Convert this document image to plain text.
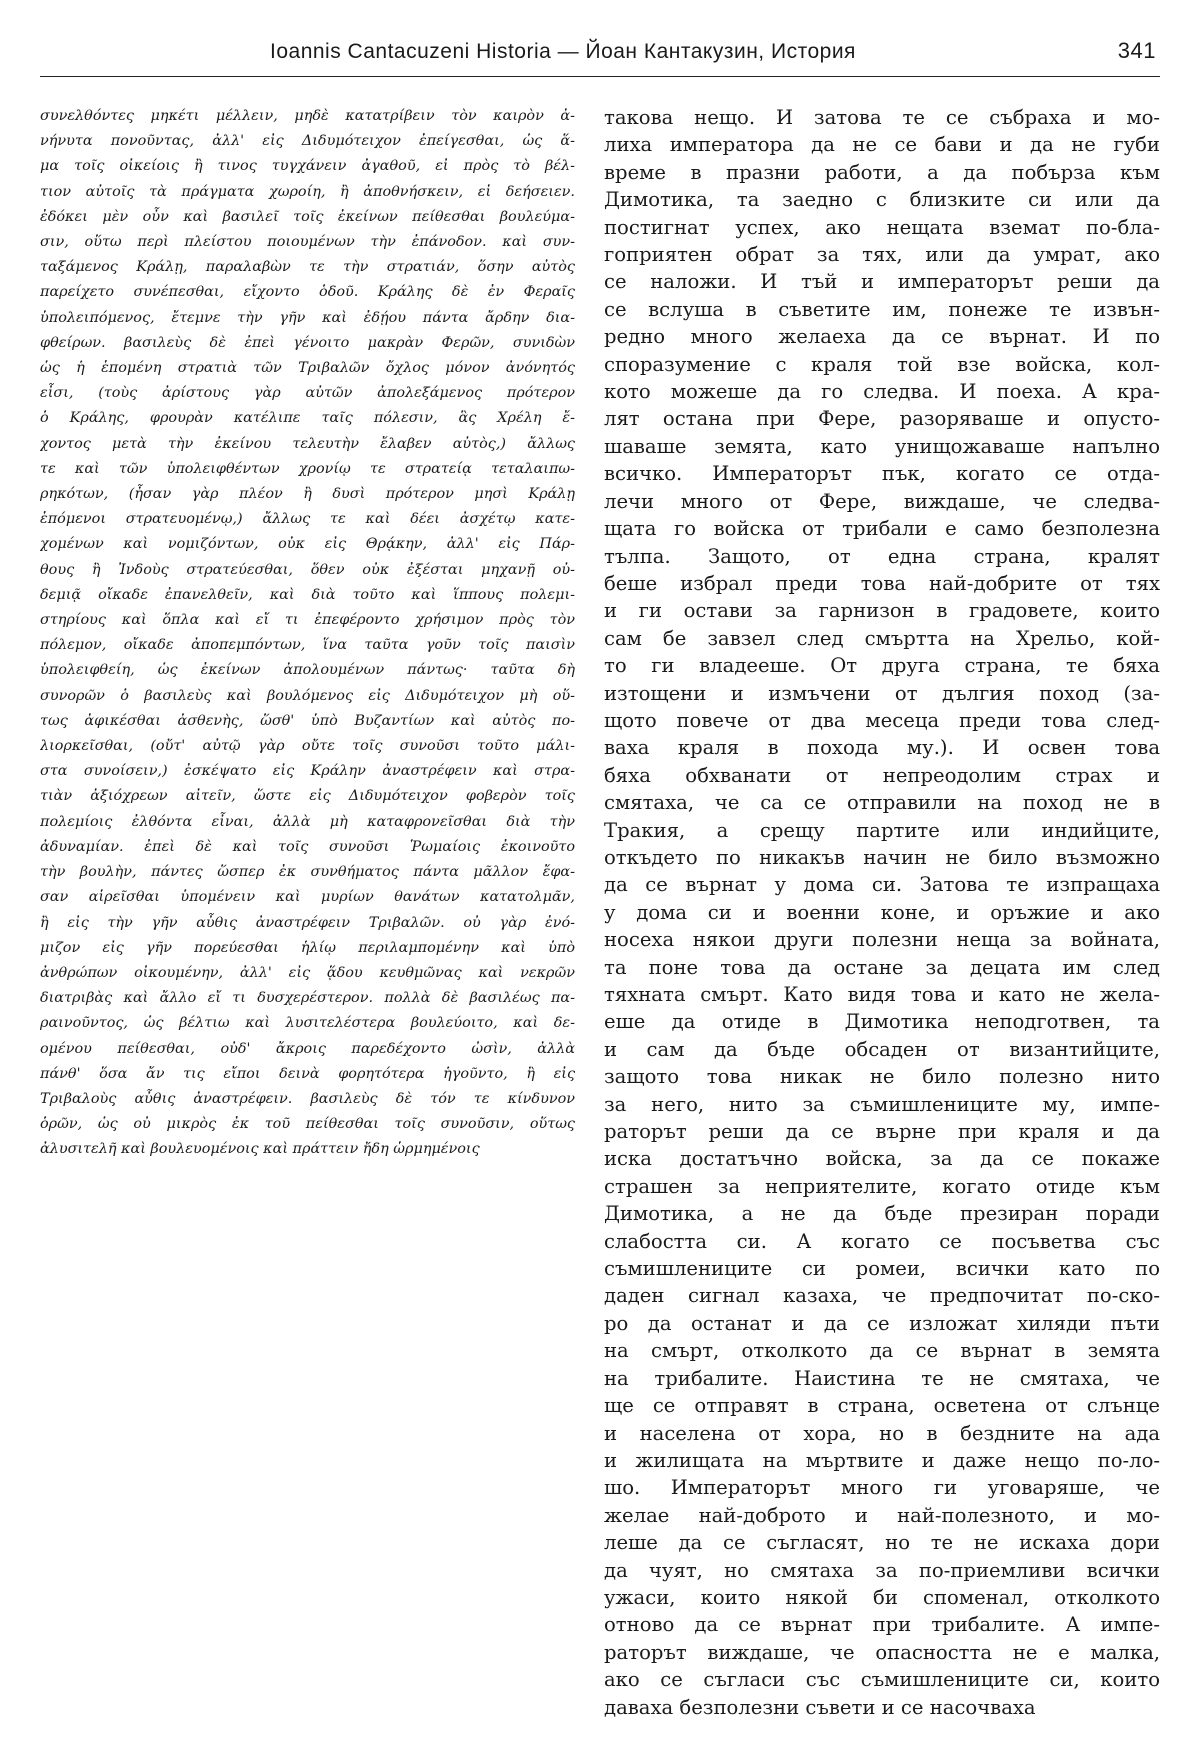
Ioannis Cantacuzeni Historia — Йоан Кантакузин, История	341
συνελθόντες μηκέτι μέλλειν, μηδὲ κατατρίβειν τὸν καιρὸν ἀ-
νήνυτα πονοῦντας, ἀλλ' εἰς Διδυμότειχον ἐπείγεσθαι, ὡς ἅ-
μα τοῖς οἰκείοις ἢ τινος τυγχάνειν ἀγαθοῦ, εἰ πρὸς τὸ βέλ-
τιον αὐτοῖς τὰ πράγματα χωροίη, ἢ ἀποθνήσκειν, εἰ δεήσειεν.
ἐδόκει μὲν οὖν καὶ βασιλεῖ τοῖς ἐκείνων πείθεσθαι βουλεύμα-
σιν, οὕτω περὶ πλείστου ποιουμένων τὴν ἐπάνοδον. καὶ συν-
ταξάμενος Κράλῃ, παραλαβὼν τε τὴν στρατιάν, ὅσην αὐτὸς
παρείχετο συνέπεσθαι, εἴχοντο ὁδοῦ. Κράλης δὲ ἐν Φεραῖς
ὑπολειπόμενος, ἔτεμνε τὴν γῆν καὶ ἐδῄου πάντα ἄρδην δια-
φθείρων. βασιλεὺς δὲ ἐπεὶ γένοιτο μακρὰν Φερῶν, συνιδὼν
ὡς ἡ ἑπομένη στρατιὰ τῶν Τριβαλῶν ὄχλος μόνον ἀνόνητός
εἶσι, (τοὺς ἀρίστους γὰρ αὐτῶν ἀπολεξάμενος πρότερον
ὁ Κράλης, φρουρὰν κατέλιπε ταῖς πόλεσιν, ἃς Χρέλη ἔ-
χοντος μετὰ τὴν ἐκείνου τελευτὴν ἔλαβεν αὐτὸς,) ἄλλως
τε καὶ τῶν ὑπολειφθέντων χρονίῳ τε στρατείᾳ τεταλαιπω-
ρηκότων, (ἦσαν γὰρ πλέον ἢ δυσὶ πρότερον μησὶ Κράλῃ
ἑπόμενοι στρατευομένῳ,) ἄλλως τε καὶ δέει ἀσχέτῳ κατε-
χομένων καὶ νομιζόντων, οὐκ εἰς Θρᾴκην, ἀλλ' εἰς Πάρ-
θους ἢ Ἰνδοὺς στρατεύεσθαι, ὅθεν οὐκ ἐξέσται μηχανῇ οὐ-
δεμιᾷ οἴκαδε ἐπανελθεῖν, καὶ διὰ τοῦτο καὶ ἵππους πολεμι-
στηρίους καὶ ὅπλα καὶ εἴ τι ἐπεφέροντο χρήσιμον πρὸς τὸν
πόλεμον, οἴκαδε ἀποπεμπόντων, ἵνα ταῦτα γοῦν τοῖς παισὶν
ὑπολειφθείη, ὡς ἐκείνων ἀπολουμένων πάντως· ταῦτα δὴ
συνορῶν ὁ βασιλεὺς καὶ βουλόμενος εἰς Διδυμότειχον μὴ οὕ-
τως ἀφικέσθαι ἀσθενὴς, ὥσθ' ὑπὸ Βυζαντίων καὶ αὐτὸς πο-
λιορκεῖσθαι, (οὔτ' αὐτῷ γὰρ οὔτε τοῖς συνοῦσι τοῦτο μάλι-
στα συνοίσειν,) ἐσκέψατο εἰς Κράλην ἀναστρέφειν καὶ στρα-
τιὰν ἀξιόχρεων αἰτεῖν, ὥστε εἰς Διδυμότειχον φοβερὸν τοῖς
πολεμίοις ἐλθόντα εἶναι, ἀλλὰ μὴ καταφρονεῖσθαι διὰ τὴν
ἀδυναμίαν. ἐπεὶ δὲ καὶ τοῖς συνοῦσι Ῥωμαίοις ἐκοινοῦτο
τὴν βουλὴν, πάντες ὥσπερ ἐκ συνθήματος πάντα μᾶλλον ἔφα-
σαν αἱρεῖσθαι ὑπομένειν καὶ μυρίων θανάτων κατατολμᾶν,
ἢ εἰς τὴν γῆν αὖθις ἀναστρέφειν Τριβαλῶν. οὐ γὰρ ἐνό-
μιζον εἰς γῆν πορεύεσθαι ἡλίῳ περιλαμπομένην καὶ ὑπὸ
ἀνθρώπων οἰκουμένην, ἀλλ' εἰς ᾅδου κευθμῶνας καὶ νεκρῶν
διατριβὰς καὶ ἄλλο εἴ τι δυσχερέστερον. πολλὰ δὲ βασιλέως πα-
ραινοῦντος, ὡς βέλτιω καὶ λυσιτελέστερα βουλεύοιτο, καὶ δε-
ομένου πείθεσθαι, οὐδ' ἄκροις παρεδέχοντο ὠσὶν, ἀλλὰ
πάνθ' ὅσα ἄν τις εἴποι δεινὰ φορητότερα ἡγοῦντο, ἢ εἰς
Τριβαλοὺς αὖθις ἀναστρέφειν. βασιλεὺς δὲ τόν τε κίνδυνον
ὁρῶν, ὡς οὐ μικρὸς ἐκ τοῦ πείθεσθαι τοῖς συνοῦσιν, οὕτως
ἀλυσιτελῆ καὶ βουλευομένοις καὶ πράττειν ἤδη ὡρμημένοις
такова нещо. И затова те се събраха и мо-
лиха императора да не се бави и да не губи
време в празни работи, а да побърза към
Димотика, та заедно с близките си или да
постигнат успех, ако нещата вземат по-бла-
гоприятен обрат за тях, или да умрат, ако
се наложи. И тъй и императорът реши да
се вслуша в съветите им, понеже те извън-
редно много желаеха да се върнат. И по
споразумение с краля той взе войска, кол-
кото можеше да го следва. И поеха. А кра-
лят остана при Фере, разоряваше и опусто-
шаваше земята, като унищожаваше напълно
всичко. Императорът пък, когато се отда-
лечи много от Фере, виждаше, че следва-
щата го войска от трибали е само безполезна
тълпа. Защото, от една страна, кралят
беше избрал преди това най-добрите от тях
и ги остави за гарнизон в градовете, които
сам бе завзел след смъртта на Хрельо, кой-
то ги владееше. От друга страна, те бяха
изтощени и измъчени от дългия поход (за-
щото повече от два месеца преди това след-
ваха краля в похода му.). И освен това
бяха обхванати от непреодолим страх и
смятаха, че са се отправили на поход не в
Тракия, а срещу партите или индийците,
откъдето по никакъв начин не било възможно
да се върнат у дома си. Затова те изпращаха
у дома си и военни коне, и оръжие и ако
носеха някои други полезни неща за войната,
та поне това да остане за децата им след
тяхната смърт. Като видя това и като не жела-
еше да отиде в Димотика неподготвен, та
и сам да бъде обсаден от византийците,
защото това никак не било полезно нито
за него, нито за съмишлениците му, импе-
раторът реши да се върне при краля и да
иска достатъчно войска, за да се покаже
страшен за неприятелите, когато отиде към
Димотика, а не да бъде презиран поради
слабостта си. А когато се посъветва със
съмишлениците си ромеи, всички като по
даден сигнал казаха, че предпочитат по-ско-
ро да останат и да се изложат хиляди пъти
на смърт, отколкото да се върнат в земята
на трибалите. Наистина те не смятаха, че
ще се отправят в страна, осветена от слънце
и населена от хора, но в бездните на ада
и жилищата на мъртвите и даже нещо по-ло-
шо. Императорът много ги уговаряше, че
желае най-доброто и най-полезното, и мо-
леше да се съгласят, но те не искаха дори
да чуят, но смятаха за по-приемливи всички
ужаси, които някой би споменал, отколкото
отново да се върнат при трибалите. А импе-
раторът виждаше, че опасността не е малка,
ако се съгласи със съмишлениците си, които
даваха безполезни съвети и се насочваха
